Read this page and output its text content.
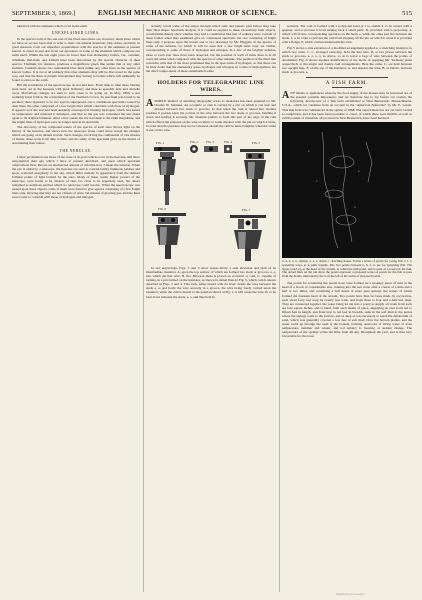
SEPTEMBER 3, 1869.]	ENGLISH MECHANIC AND MIRROR OF SCIENCE.	515

identical with the elements which occur in the earth.

UNEXPLAINED LINES.

In the spectra both of the sun and of the fixed stars there are, however, many lines which we have as yet not been able to refer to their con-stituent materials. This arises, probably, in great measure, from our imperfect acquaintance with the spectra of the elements at present known. It arises in part also from our ignorance of some of the elements which compose our earth itself. Within the last eight years no fewer than four elementary bodies, viz., caesium, rubidium, thal-lium, and iridium have been discovered by the special character of their spectra. Thallium, for instance, produces a magnificent green line unlike that of any other element. Caesium shows two remarkable blue lines unlike any other lines in the spectra of known bodies. It is not at all unlikely that other elements may still be discovered in the same way, and that the lines at present unexplained may belong to bodies which will ultimately be found to exist on the earth.

But the revelations of the spectroscope do not end here. From time to time more blazing stars burst out in the heavens with great brilliancy and then as speedily fade and dwindle away. Marvellous changes are seen to such cases to be going on. In May, 1866, a star suddenly burst forth in the constellation of the Northern Crown. Its spectrum was found to be peculiar; there appeared to be two spectra superposed, one a continuous spectrum crossed by dark lines, the other composed of a few bright lines which coincided with those of hydrogen. It appears as if the star had been suddenly enveloped in burning hydrogen, which had raised its temperature and rendered it luminous, and that as the gas was consumed the star faded again to its original faintness. After a few weeks the star had sunk to the ninth magnitude, and the bright lines of hydrogen were no longer seen in its spectrum.

The discovery of the compound nature of the spectra of such stars throws light on the history of the heavens, and shows how the telescope alone could never reveal the changes which are going on in distant worlds. Such changes, involving the combustion of vast masses of matter, must occur from time to time, and the study of the spectrum gives us the means of ascertaining their nature.

THE NEBULAE.

I must yet mention one more of the class of ob-jects which occur in the heavens, still more enig-matical than any which I have at present described, and upon which spectrum observations have thrown an unexpected amount of informa-tion. I mean the nebulae. When the eye is aided by a telescope, the heavens are seen to contain faintly luminous patches and spots, scattered irregularly in the sky, which differ entirely in appearance from the defined brilliant points of light formed by the stars. Many of these, under higher powers of the telescope, were found to be clusters of stars too close to be separately seen, but others remained as nebulous patches which no telescope could resolve. When the spectroscope was turned upon these objects, some of them were found to give spectra consisting of a few bright lines only, showing that they are not clusters of stars, but masses of glowing gas, and the lines were found to coincide with those of hydrogen and nitrogen.

actually watch some of the stages through which suns and planets pass before they take their final shape. Spectrum analysis, if it could be applied to these excessively faint objects, would imme-diately show whether they had a constitution like that of ordinary stars. Certain of these bodies when thus examined give no continuous spectrum, but one consisting of bright lines only. I propose upon the screen one or two drawings by Mr. Huggins of the spectra of some of the nebulae, by which it will be seen that a few bright lines only are visible, corresponding to some of those of hydrogen and nitrogen. In a few of the brighter nebulae, three or even four lines have been observed, but the position of each of these lines is in all cases the same when compared with the spectra of other nebulae. The position of the third line coincides with that of the most prominent line in the spec-trum of hydrogen, so that there can be little doubt that the elementary gases, hydrogen and nitrogen, in a state of high ignition, are the chief compo-nents of these remarkable bodies.

HOLDERS FOR TELEGRAPHIC LINE WIRES.

ASIMPLE method of attaching telegraphic wires to insulators has been patented by Mr. Charles W. Siemens. An eccentric or cam is carried by a pin on which it can turn and situated between two studs or grooves, so that when the cam is turned into another position it presses upon the portion of the wire between the two studs or grooves, bending it down and holding it securely. Mr. Siemens prefers to form this part of the edge of the cam which effects the pressure on the wire eccentric to some distance with the pin on which it turns, in order that the pressure may not be released, should the cam be turned slightly when the strain is put on the wire.

FIG. 1	FIG. 2	FIG. 3	FIG. 4	FIG. 5
FIG. 6	FIG. 7

In our engravings, Figs. 1 and 3 show respec-tively a side elevation and plan of an intermediate insulator. A, upon the top surface of which are formed two studs or grooves, a, a, into which the line wire, B, fits. Between these is placed an eccentric or cam, C, capable of turning on a pin formed on the insulator, as shown in dotted lines in Fig. 3, which cam is shewn detached in Figs. 2 and 4. This cam, when turned with its lever, bends the wire between the studs a, a, and holds the wire securely in a groove, the wire being freely carried upon the insulator; when the cam is turned to the position shown at Fig. 1, it will cause the wire, B, to be bent down between the studs, a, a, and thus held in

securely. The cam is formed with a polygonal head at c to enable it to be turned with a spanner, and to prevent it from turning back a small plate, D, provided with a projection, d, which will fit into corresponding apertures on the head, e, while the other part fits between the studs, a, a. In order to prevent the cam from slipping off the pin on which it turns it is provided with a flange, F, which catches underneath the wire.

Fig. 5 shows a side elevation of a modified arrangement applied to a stretching insulator, in which two cams, C, C, arranged vertically, hold the line wire, B, at two places between the studs or grooves, a, a, a, a, as above, so as to leave a loop of wire between the points of attachment. Fig. 6 shows another modification of the mode of applying Mr. Siemens' plans respectively to the single and double cam arrangements. Here the cams, C, are held between two upright lugs, F, on the top of the insulator. A, and depress the wire, B, as before, between studs or grooves, a.

A FISH FARM.

ANY means or appliances whereby the food supply of the masses may be increased are of the greatest possible importance, and we therefore beg to lay before our readers the following descrip-tion of a fish farm established at West Barnstable, Massachusetts, U.S.A., which we condense from an account in the "American Naturalist" by Mr. E. Lenter. This fish farm was commenced in the spring of 1868. The experi-ment has not yet been carried to completion, and it has been found possible to count, of which there were 60,000, as well as 2,000 pounds of whitefish, all procured in New Brunswick, have been hatched.

x
x
x
x
x, x, x, x, x, springs. a, a, a, drains. c, hatching house. Forms a series of ponds for young fish. f, f, f, spawning ways. k, k, pink troughs. The two ponds between n, h, n, h, are for spawning fish. The larger pond, Q, at the head of the stream, is called the mill pond, and is used as a reservoir for fish. The dotted lines on the run show the ponds represent a proposed series of ponds for the fish to pass from the drains, indicated by the x on the left of the series of proposed ponds.

The ponds for containing the parent trout were formed on a swampy piece of land at the head of a brook of considerable size, running into the salt water after a course of a mile and a half or two miles, and containing a ball dozen or more pure springs, the waters of which formed the fountain head of the stream. Two ponds have thus far been made by excavation, each about forty feet long by twenty feet wide, and from three to four and a half feet deep. They are connected together, the water being let out into a pond; to supply oil water from each are laid square inches, and is taken from each inside of place, supplying an area from ten to fifteen feet in length, and from four to ten feet in breadth, sunk in the soft mud at the points where the springs come to the surface, and as deep as was necessary to reach the substratum of sand, which was generally covered a few feet of soft mud. Over the bottom planks, and the water wells up through the sand at the bottom, forming reservoirs of living water of even temperature, summer and winter, and not subject to freezing or sudden change. The temperature of the springs varies but little from 48 deg. throughout the year, and is thus very favourable for the trout.

Digitised by Google
